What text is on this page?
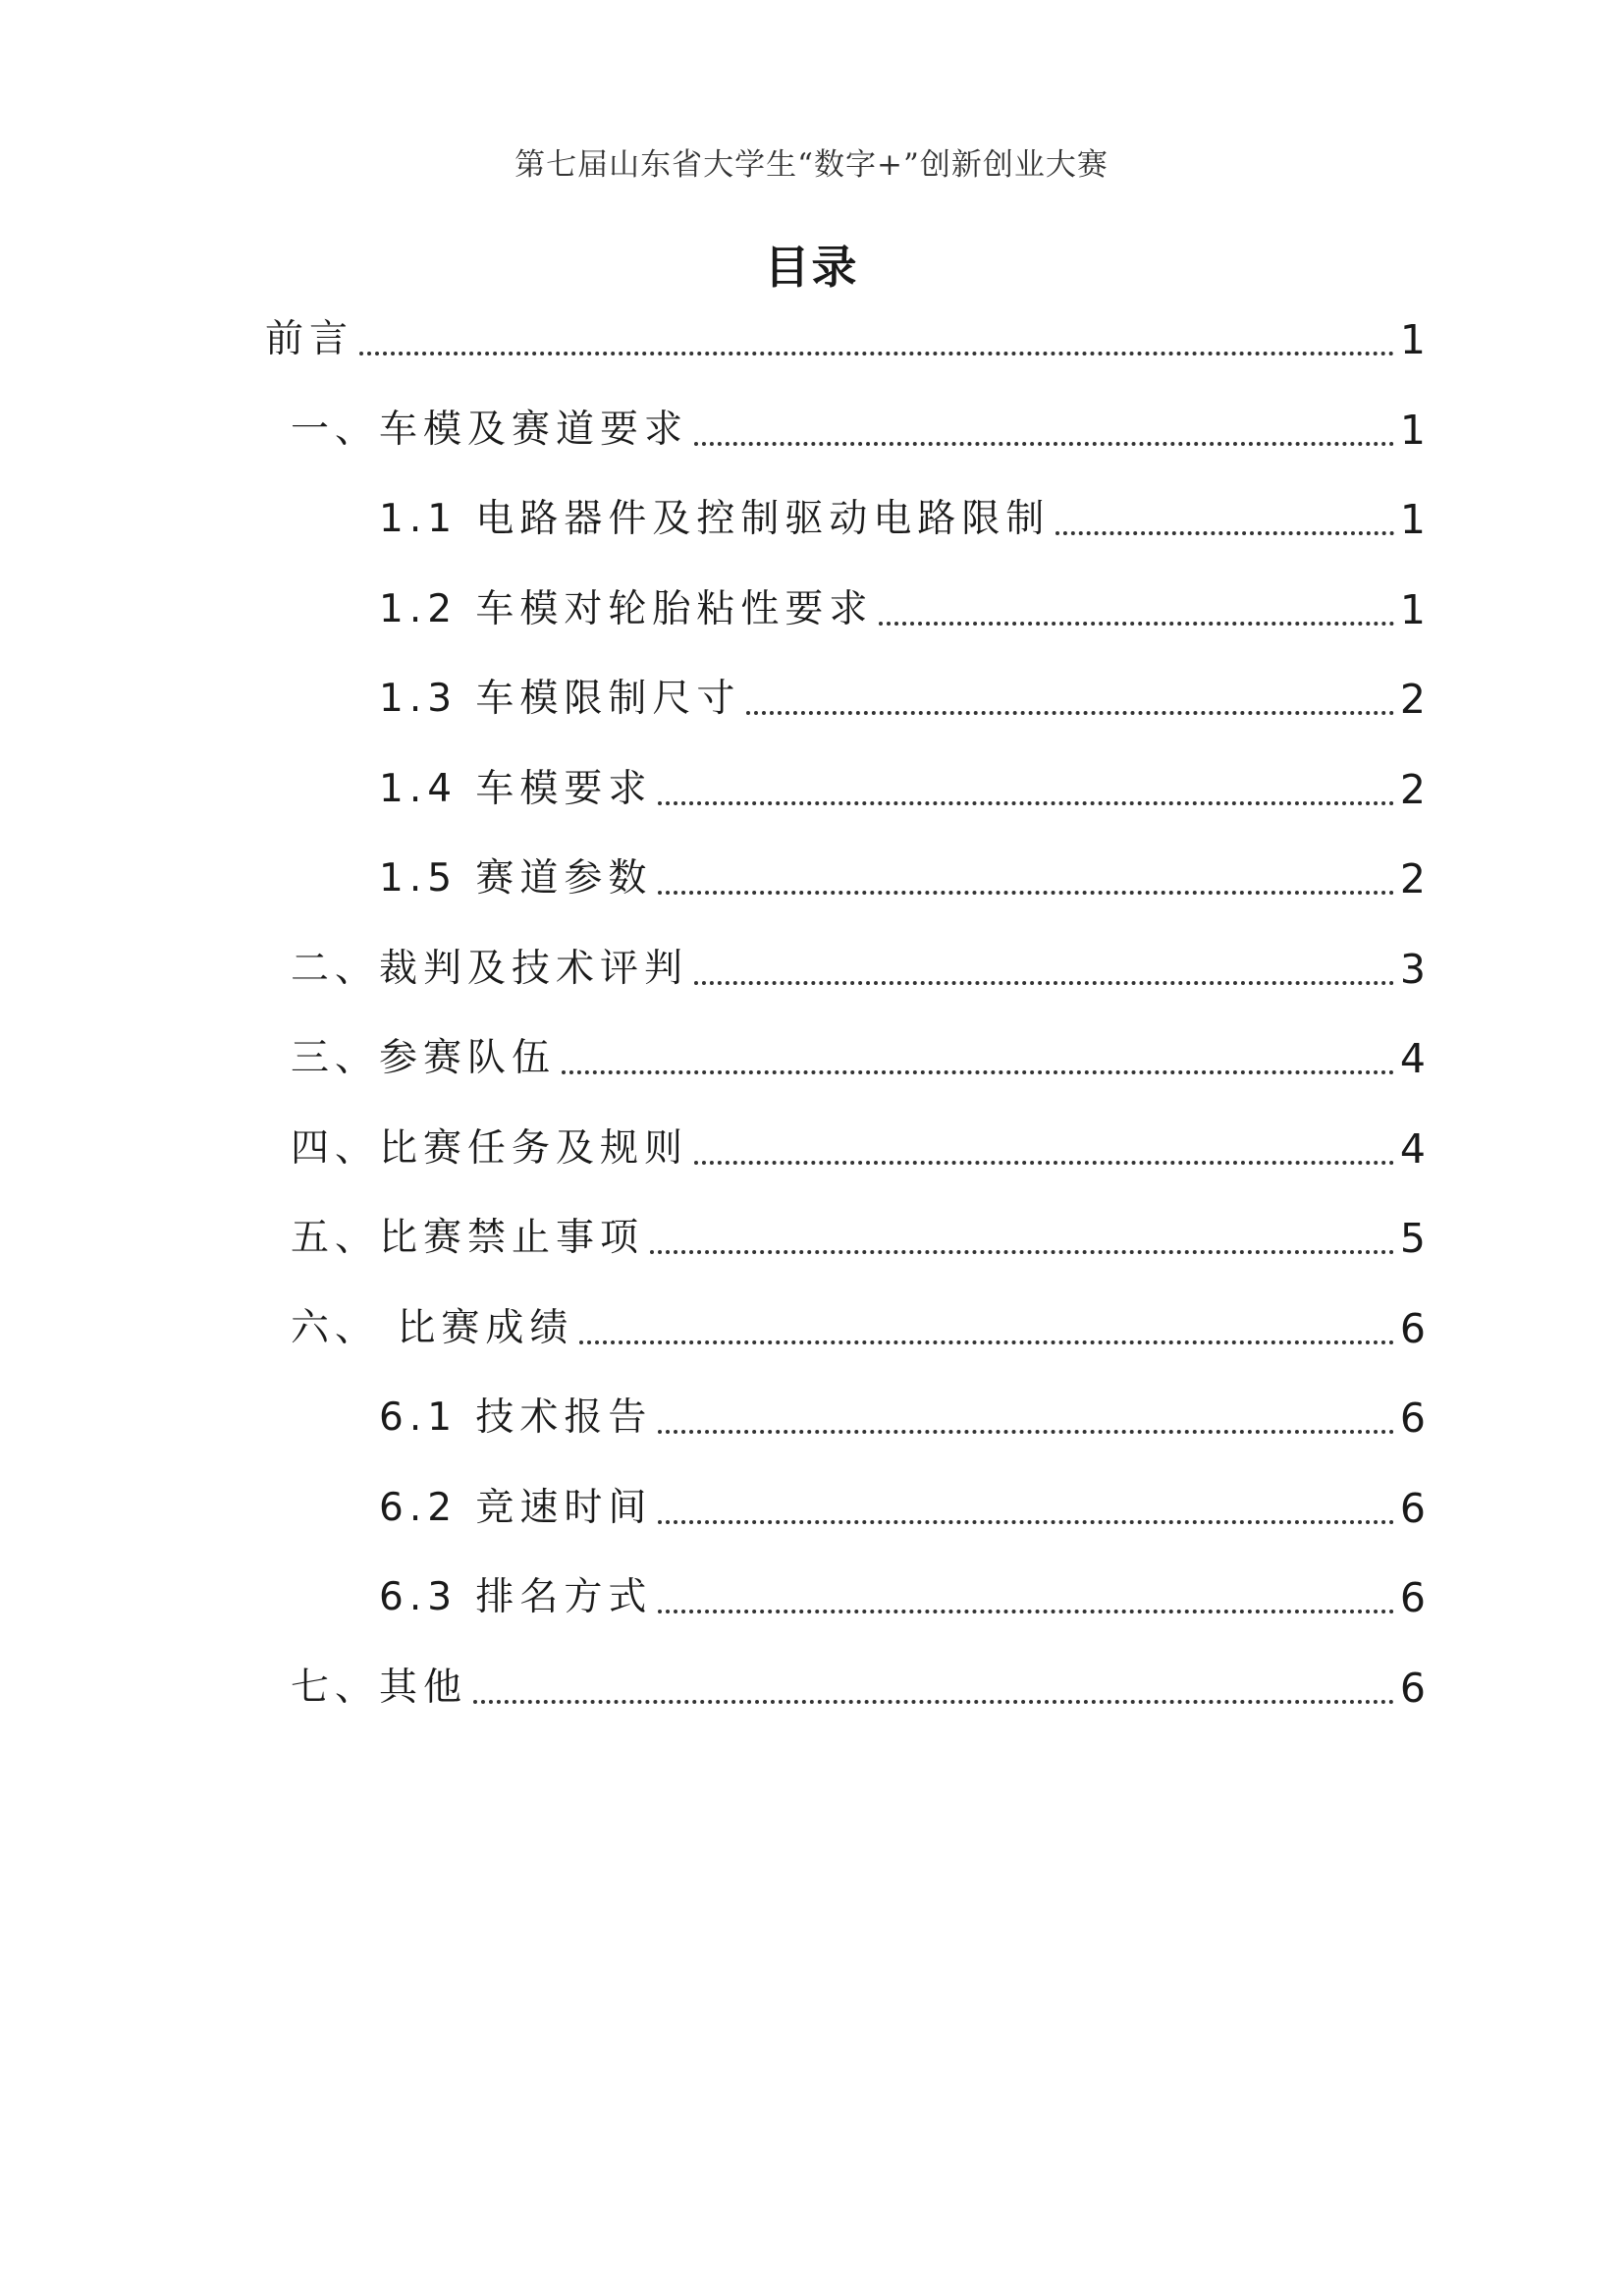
第七届山东省大学生“数字+”创新创业大赛
目录
前言	1
一、车模及赛道要求	1
1.1 电路器件及控制驱动电路限制	1
1.2 车模对轮胎粘性要求	1
1.3 车模限制尺寸	2
1.4 车模要求	2
1.5 赛道参数	2
二、裁判及技术评判	3
三、参赛队伍	4
四、比赛任务及规则	4
五、比赛禁止事项	5
六、 比赛成绩	6
6.1 技术报告	6
6.2 竞速时间	6
6.3 排名方式	6
七、其他	6
